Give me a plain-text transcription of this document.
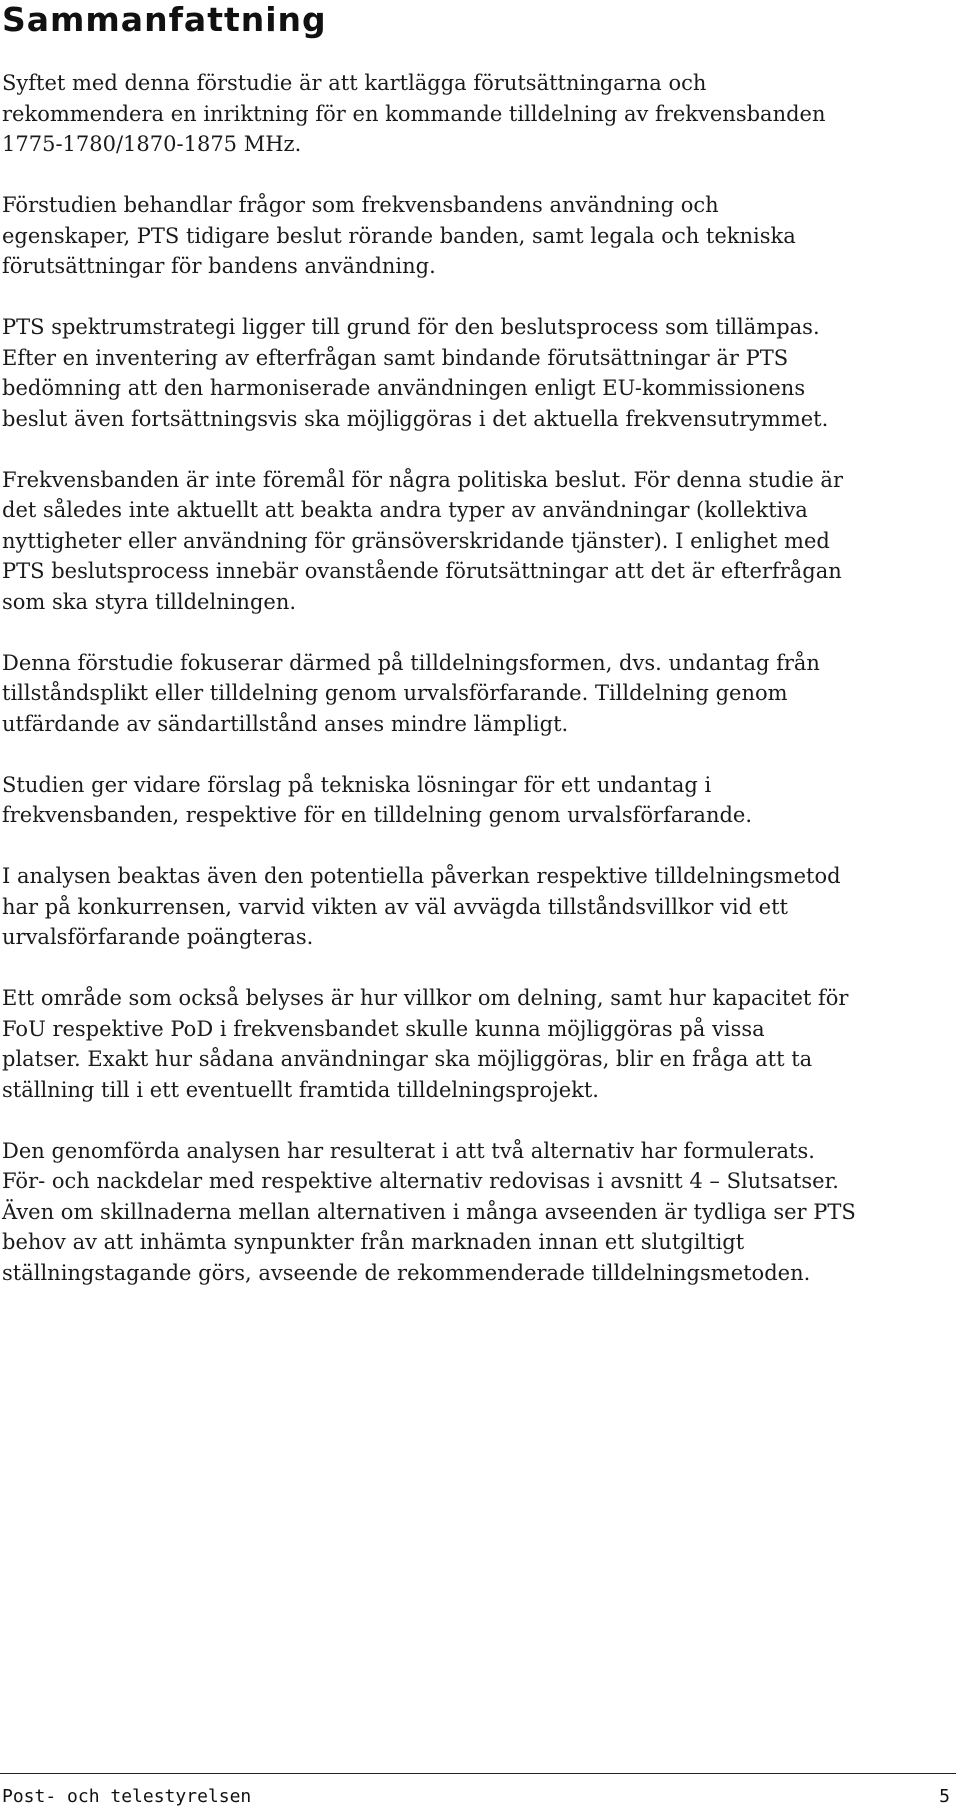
Sammanfattning

Syftet med denna förstudie är att kartlägga förutsättningarna och
rekommendera en inriktning för en kommande tilldelning av frekvensbanden
1775-1780/1870-1875 MHz.

Förstudien behandlar frågor som frekvensbandens användning och
egenskaper, PTS tidigare beslut rörande banden, samt legala och tekniska
förutsättningar för bandens användning.

PTS spektrumstrategi ligger till grund för den beslutsprocess som tillämpas.

Efter en inventering av efterfrågan samt bindande förutsättningar är PTS
bedömning att den harmoniserade användningen enligt EU-kommissionens
beslut även fortsättningsvis ska möjliggöras i det aktuella frekvensutrymmet.

Frekvensbanden är inte föremål för några politiska beslut. För denna studie är
det således inte aktuellt att beakta andra typer av användningar (kollektiva
nyttigheter eller användning för gränsöverskridande tjänster). I enlighet med
PTS beslutsprocess innebär ovanstående förutsättningar att det är efterfrågan
som ska styra tilldelningen.

Denna förstudie fokuserar därmed på tilldelningsformen, dvs. undantag från
tillståndsplikt eller tilldelning genom urvalsförfarande. Tilldelning genom
utfärdande av sändartillstånd anses mindre lämpligt.

Studien ger vidare förslag på tekniska lösningar för ett undantag i
frekvensbanden, respektive för en tilldelning genom urvalsförfarande.

I analysen beaktas även den potentiella påverkan respektive tilldelningsmetod
har på konkurrensen, varvid vikten av väl avvägda tillståndsvillkor vid ett
urvalsförfarande poängteras.

Ett område som också belyses är hur villkor om delning, samt hur kapacitet för
FoU respektive PoD i frekvensbandet skulle kunna möjliggöras på vissa
platser. Exakt hur sådana användningar ska möjliggöras, blir en fråga att ta
ställning till i ett eventuellt framtida tilldelningsprojekt.

Den genomförda analysen har resulterat i att två alternativ har formulerats.
För- och nackdelar med respektive alternativ redovisas i avsnitt 4 – Slutsatser.
Även om skillnaderna mellan alternativen i många avseenden är tydliga ser PTS
behov av att inhämta synpunkter från marknaden innan ett slutgiltigt
ställningstagande görs, avseende de rekommenderade tilldelningsmetoden.

Post- och telestyrelsen	5
